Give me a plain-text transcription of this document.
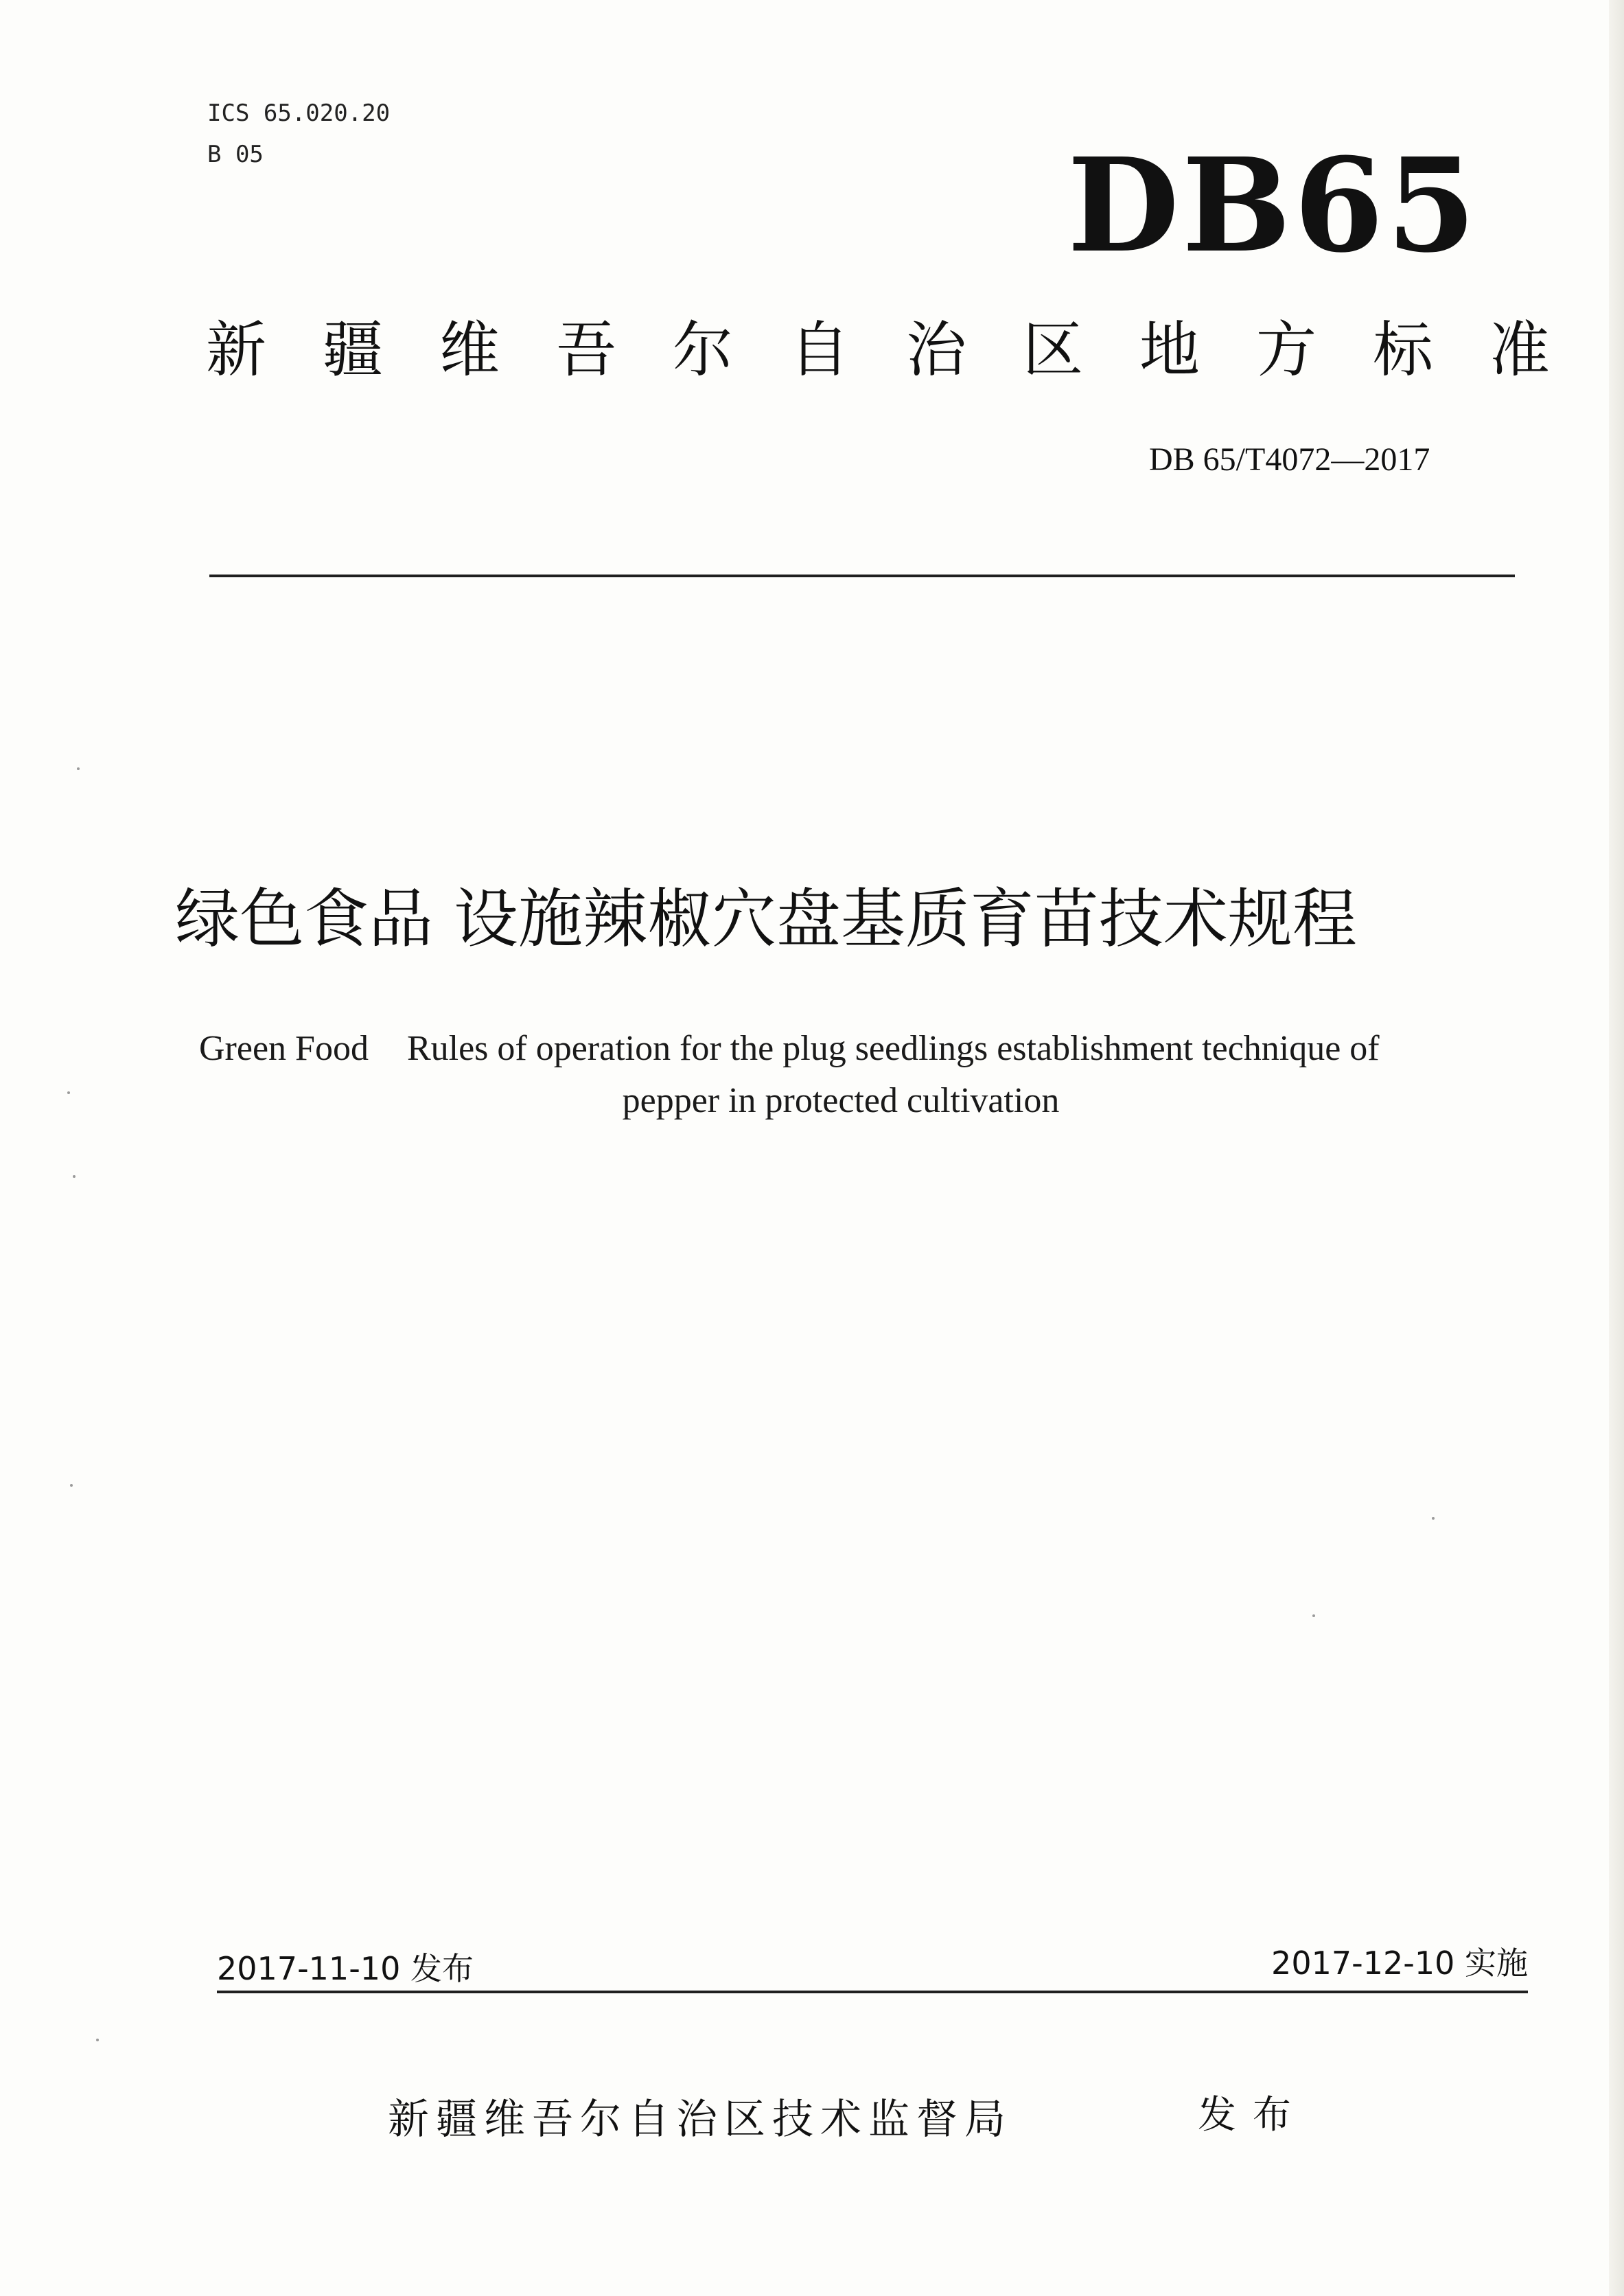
ICS 65.020.20
B 05	DB65
新疆维吾尔自治区地方标准
DB 65/T4072—2017
绿色食品 设施辣椒穴盘基质育苗技术规程
Green Food Rules of operation for the plug seedlings establishment technique of
pepper in protected cultivation
2017-11-10 发布	2017-12-10 实施
新疆维吾尔自治区技术监督局	发布
